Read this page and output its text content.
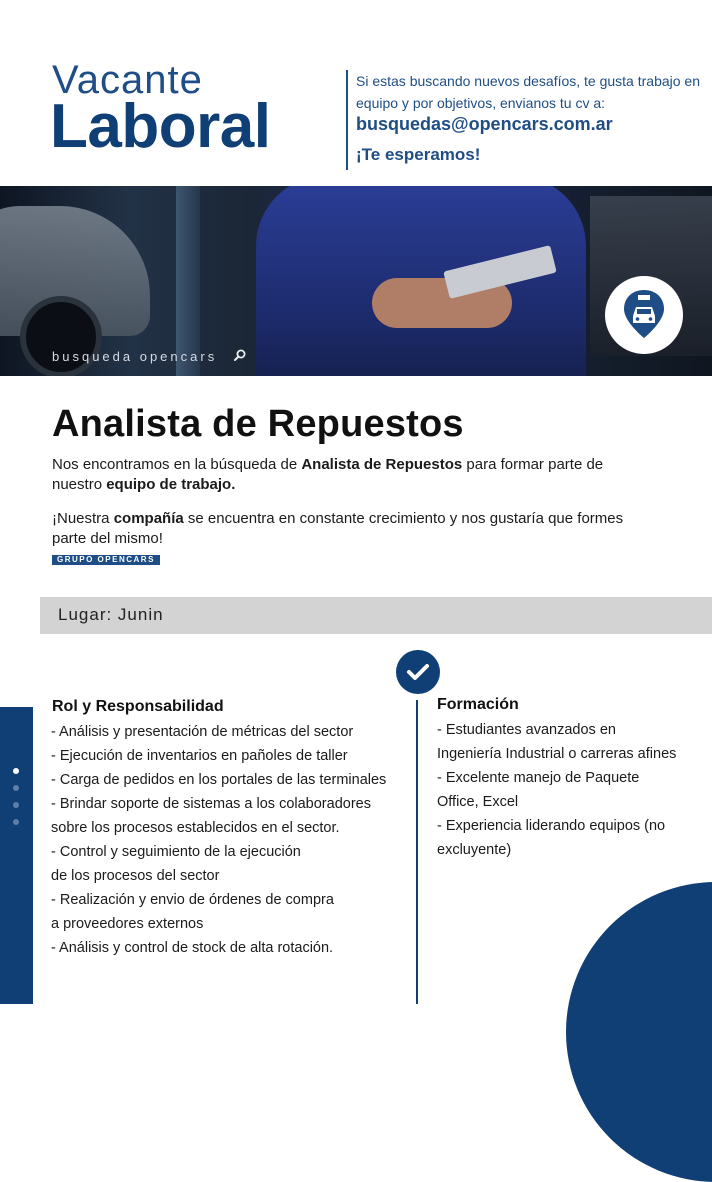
Vacante
Laboral
Si estas buscando nuevos desafíos, te gusta trabajo en equipo y por objetivos, envianos tu cv a:
busquedas@opencars.com.ar
¡Te esperamos!
busqueda opencars
Analista de Repuestos
Nos encontramos en la búsqueda de Analista de Repuestos para formar parte de nuestro equipo de trabajo.
¡Nuestra compañía se encuentra en constante crecimiento y nos gustaría que formes parte del mismo!
GRUPO OPENCARS
Lugar: Junin
Rol y Responsabilidad
- Análisis y presentación de métricas del sector
- Ejecución de inventarios en pañoles de taller
- Carga de pedidos en los portales de las terminales
- Brindar soporte de sistemas a los colaboradores
sobre los procesos establecidos en el sector.
- Control y seguimiento de la ejecución
de los procesos del sector
- Realización y envio de órdenes de compra
a proveedores externos
- Análisis y control de stock de alta rotación.
Formación
- Estudiantes avanzados en
Ingeniería Industrial o carreras afines
- Excelente manejo de Paquete
Office, Excel
- Experiencia liderando equipos (no
excluyente)
